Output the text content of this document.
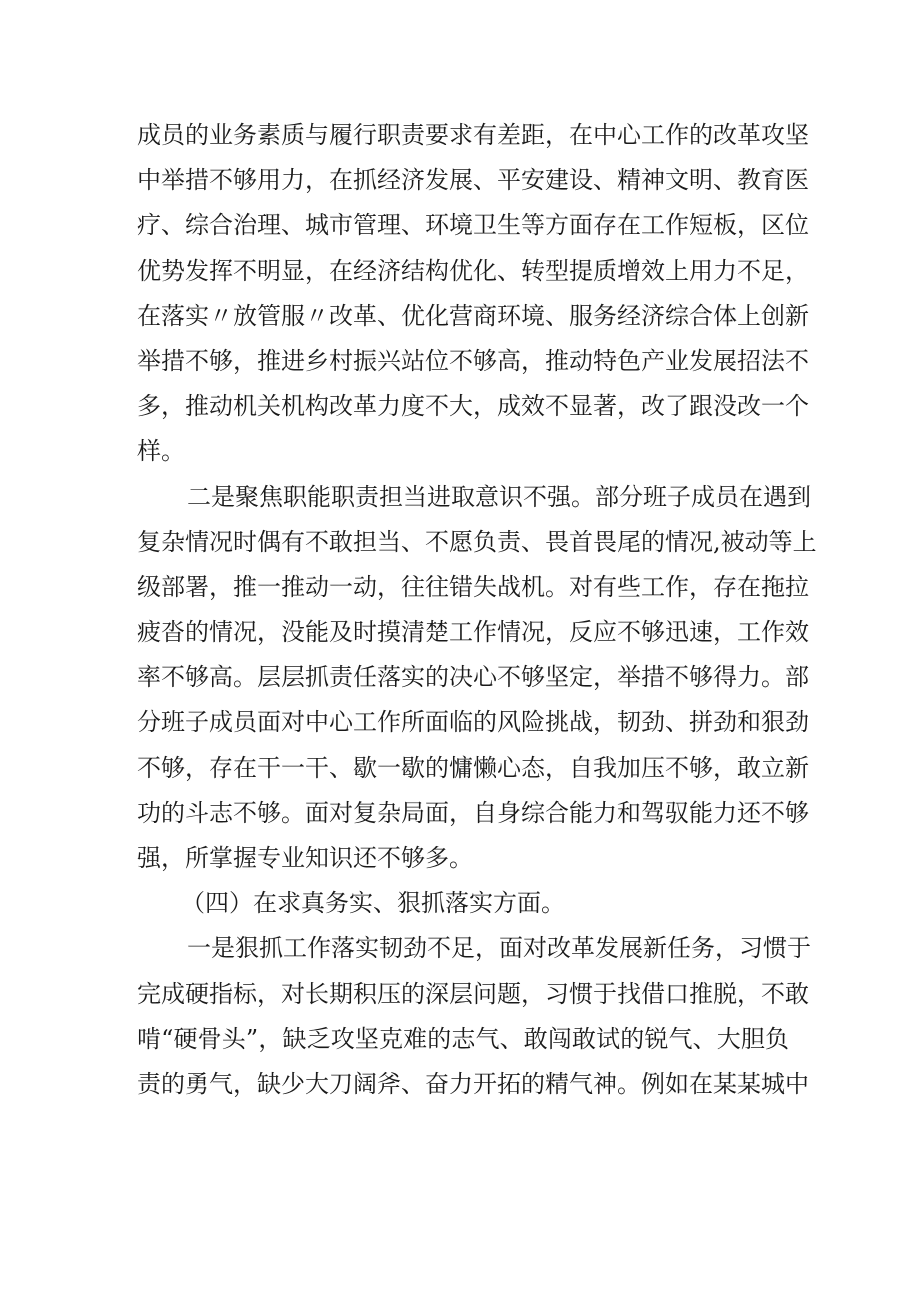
成 员 的 业 务 素 质 与 履 行 职 责 要 求 有 差 距 ， 在 中 心 工 作 的 改 革 攻 坚
中 举 措 不 够 用 力 ， 在 抓 经 济 发 展 、 平 安 建 设 、 精 神 文 明 、 教 育 医
疗 、 综 合 治 理 、 城 市 管 理 、 环 境 卫 生 等 方 面 存 在 工 作 短 板 ， 区 位
优 势 发 挥 不 明 显 ， 在 经 济 结 构 优 化 、 转 型 提 质 增 效 上 用 力 不 足 ，
在 落 实 〃 放 管 服 〃 改 革 、 优 化 营 商 环 境 、 服 务 经 济 综 合 体 上 创 新
举 措 不 够 ， 推 进 乡 村 振 兴 站 位 不 够 高 ， 推 动 特 色 产 业 发 展 招 法 不
多 ， 推 动 机 关 机 构 改 革 力 度 不 大 ， 成 效 不 显 著 ， 改 了 跟 没 改 一 个
样。
二 是 聚 焦 职 能 职 责 担 当 进 取 意 识 不 强 。 部 分 班 子 成 员 在 遇 到
复 杂 情 况 时 偶 有 不 敢 担 当 、 不 愿 负 责 、 畏 首 畏 尾 的 情 况 , 被 动 等 上
级 部 署 ， 推 一 推 动 一 动 ， 往 往 错 失 战 机 。 对 有 些 工 作 ， 存 在 拖 拉
疲 沓 的 情 况 ， 没 能 及 时 摸 清 楚 工 作 情 况 ， 反 应 不 够 迅 速 ， 工 作 效
率 不 够 高 。 层 层 抓 责 任 落 实 的 决 心 不 够 坚 定 ， 举 措 不 够 得 力 。 部
分 班 子 成 员 面 对 中 心 工 作 所 面 临 的 风 险 挑 战 ， 韧 劲 、 拼 劲 和 狠 劲
不 够 ， 存 在 干 一 干 、 歇 一 歇 的 慵 懒 心 态 ， 自 我 加 压 不 够 ， 敢 立 新
功 的 斗 志 不 够 。 面 对 复 杂 局 面 ， 自 身 综 合 能 力 和 驾 驭 能 力 还 不 够
强，所掌握专业知识还不够多。
（四）在求真务实、狠抓落实方面。
一 是 狠 抓 工 作 落 实 韧 劲 不 足 ， 面 对 改 革 发 展 新 任 务 ， 习 惯 于
完 成 硬 指 标 ， 对 长 期 积 压 的 深 层 问 题 ， 习 惯 于 找 借 口 推 脱 ， 不 敢
啃 “ 硬 骨 头 ” ， 缺 乏 攻 坚 克 难 的 志 气 、 敢 闯 敢 试 的 锐 气 、 大 胆 负
责 的 勇 气 ， 缺 少 大 刀 阔 斧 、 奋 力 开 拓 的 精 气 神 。 例 如 在 某 某 城 中
